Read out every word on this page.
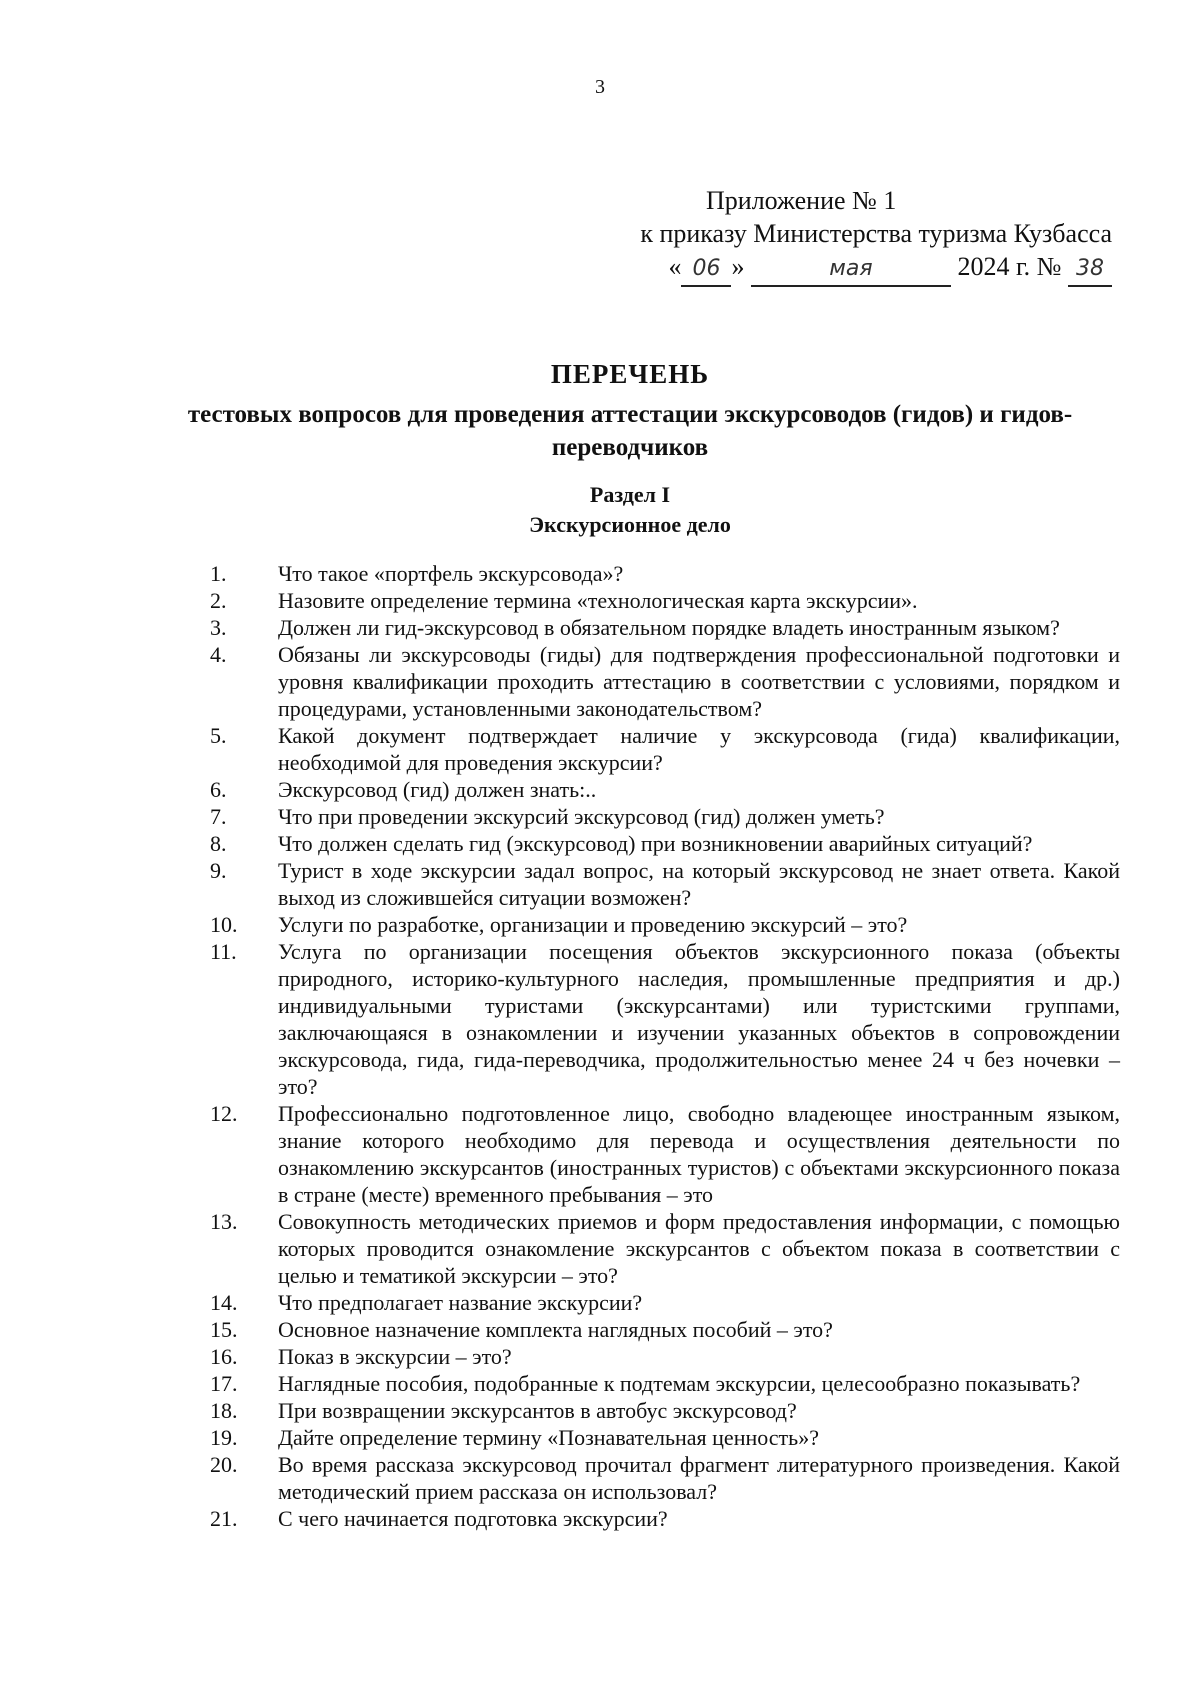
3
Приложение № 1
к приказу Министерства туризма Кузбасса
« 06 »	мая	2024 г. № 38
ПЕРЕЧЕНЬ
тестовых вопросов для проведения аттестации экскурсоводов (гидов) и гидов-переводчиков
Раздел I
Экскурсионное дело
1.	Что такое «портфель экскурсовода»?
2.	Назовите определение термина «технологическая карта экскурсии».
3.	Должен ли гид-экскурсовод в обязательном порядке владеть иностранным языком?
4.	Обязаны ли экскурсоводы (гиды) для подтверждения профессиональной подготовки и уровня квалификации проходить аттестацию в соответствии с условиями, порядком и процедурами, установленными законодательством?
5.	Какой документ подтверждает наличие у экскурсовода (гида) квалификации, необходимой для проведения экскурсии?
6.	Экскурсовод (гид) должен знать:..
7.	Что при проведении экскурсий экскурсовод (гид) должен уметь?
8.	Что должен сделать гид (экскурсовод) при возникновении аварийных ситуаций?
9.	Турист в ходе экскурсии задал вопрос, на который экскурсовод не знает ответа. Какой выход из сложившейся ситуации возможен?
10.	Услуги по разработке, организации и проведению экскурсий – это?
11.	Услуга по организации посещения объектов экскурсионного показа (объекты природного, историко-культурного наследия, промышленные предприятия и др.) индивидуальными туристами (экскурсантами) или туристскими группами, заключающаяся в ознакомлении и изучении указанных объектов в сопровождении экскурсовода, гида, гида-переводчика, продолжительностью менее 24 ч без ночевки – это?
12.	Профессионально подготовленное лицо, свободно владеющее иностранным языком, знание которого необходимо для перевода и осуществления деятельности по ознакомлению экскурсантов (иностранных туристов) с объектами экскурсионного показа в стране (месте) временного пребывания – это
13.	Совокупность методических приемов и форм предоставления информации, с помощью которых проводится ознакомление экскурсантов с объектом показа в соответствии с целью и тематикой экскурсии – это?
14.	Что предполагает название экскурсии?
15.	Основное назначение комплекта наглядных пособий – это?
16.	Показ в экскурсии – это?
17.	Наглядные пособия, подобранные к подтемам экскурсии, целесообразно показывать?
18.	При возвращении экскурсантов в автобус экскурсовод?
19.	Дайте определение термину «Познавательная ценность»?
20.	Во время рассказа экскурсовод прочитал фрагмент литературного произведения. Какой методический прием рассказа он использовал?
21.	С чего начинается подготовка экскурсии?
